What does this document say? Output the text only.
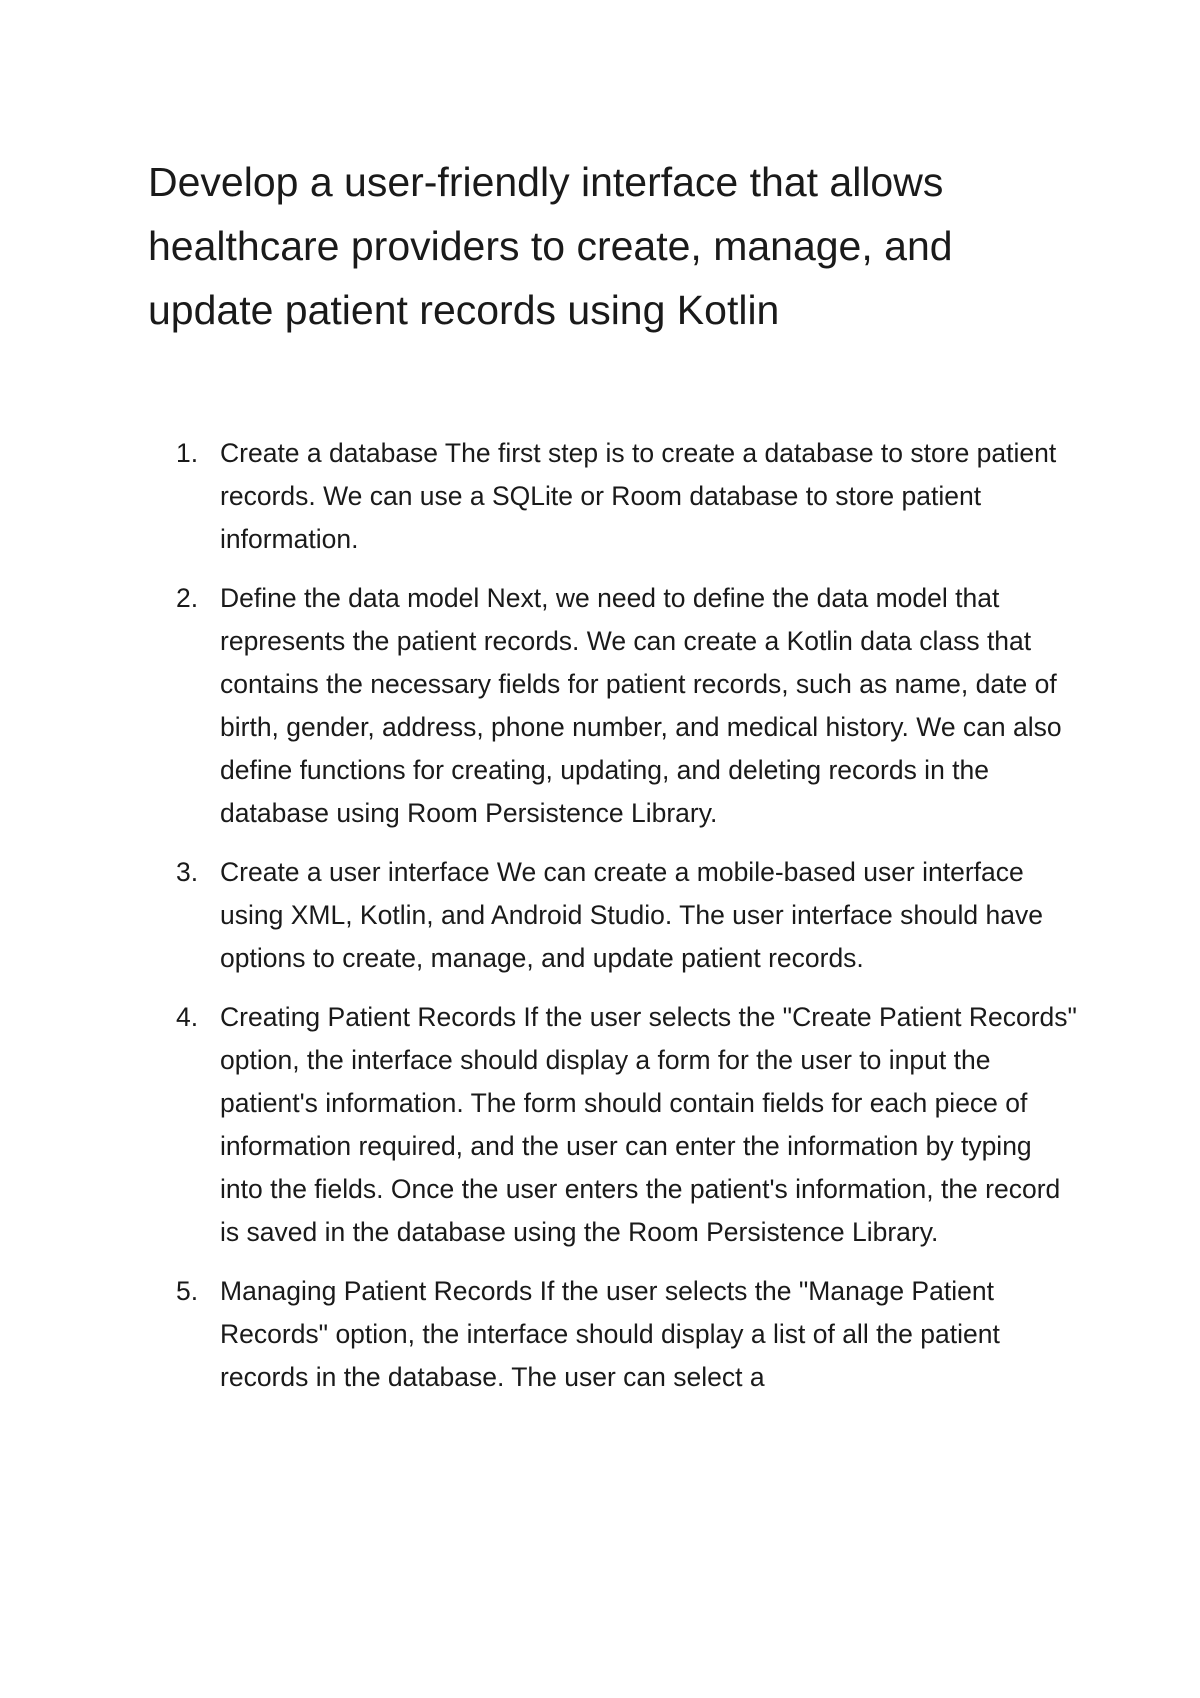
Develop a user-friendly interface that allows healthcare providers to create, manage, and update patient records using Kotlin
1. Create a database The first step is to create a database to store patient records. We can use a SQLite or Room database to store patient information.
2. Define the data model Next, we need to define the data model that represents the patient records. We can create a Kotlin data class that contains the necessary fields for patient records, such as name, date of birth, gender, address, phone number, and medical history. We can also define functions for creating, updating, and deleting records in the database using Room Persistence Library.
3. Create a user interface We can create a mobile-based user interface using XML, Kotlin, and Android Studio. The user interface should have options to create, manage, and update patient records.
4. Creating Patient Records If the user selects the "Create Patient Records" option, the interface should display a form for the user to input the patient's information. The form should contain fields for each piece of information required, and the user can enter the information by typing into the fields. Once the user enters the patient's information, the record is saved in the database using the Room Persistence Library.
5. Managing Patient Records If the user selects the "Manage Patient Records" option, the interface should display a list of all the patient records in the database. The user can select a
